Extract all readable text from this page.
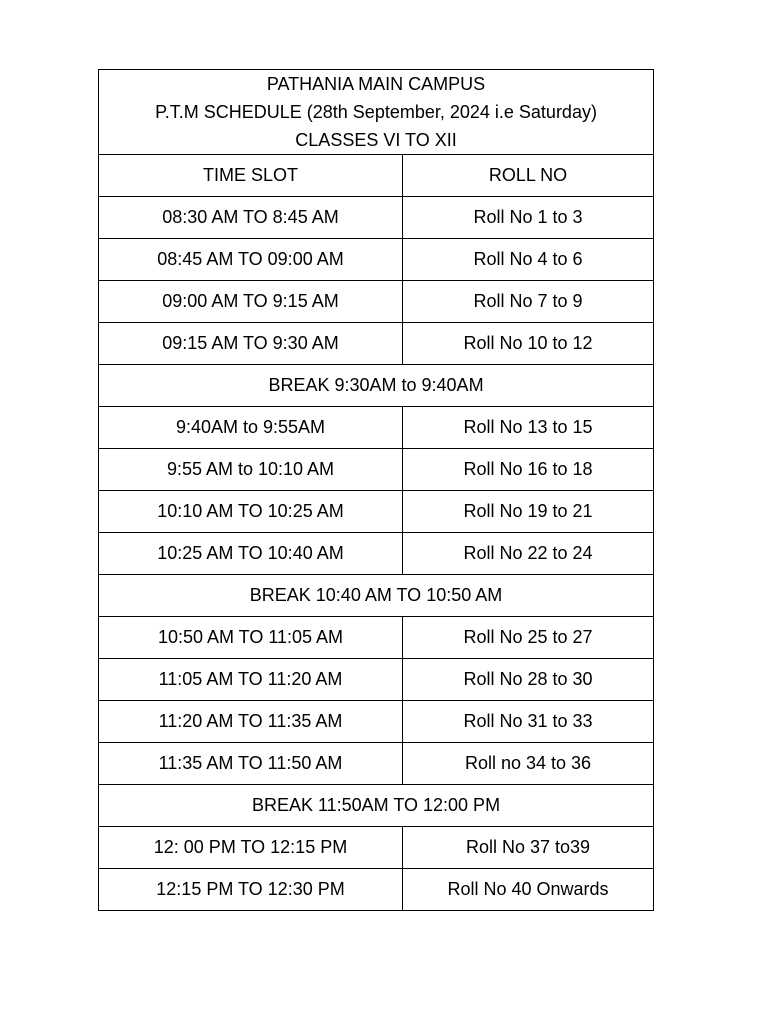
PATHANIA MAIN CAMPUS
P.T.M SCHEDULE (28th September, 2024 i.e Saturday)
CLASSES VI TO XII	

TIME SLOT	ROLL NO
08:30 AM TO 8:45 AM	Roll No 1 to 3
08:45 AM TO 09:00 AM	Roll No 4 to 6
09:00 AM TO 9:15 AM	Roll No 7 to 9
09:15 AM TO 9:30 AM	Roll No 10 to 12
BREAK 9:30AM to 9:40AM	
9:40AM to 9:55AM	Roll No 13 to 15
9:55 AM to 10:10 AM	Roll No 16 to 18
10:10 AM TO 10:25 AM	Roll No 19 to 21
10:25 AM TO 10:40 AM	Roll No 22 to 24
BREAK 10:40 AM TO 10:50 AM	
10:50 AM TO 11:05 AM	Roll No 25 to 27
11:05 AM TO 11:20 AM	Roll No 28 to 30
11:20 AM TO 11:35 AM	Roll No 31 to 33
11:35 AM TO 11:50 AM	Roll no 34 to 36
BREAK 11:50AM TO 12:00 PM	
12: 00 PM TO 12:15 PM	Roll No 37 to39
12:15 PM TO 12:30 PM	Roll No 40 Onwards
